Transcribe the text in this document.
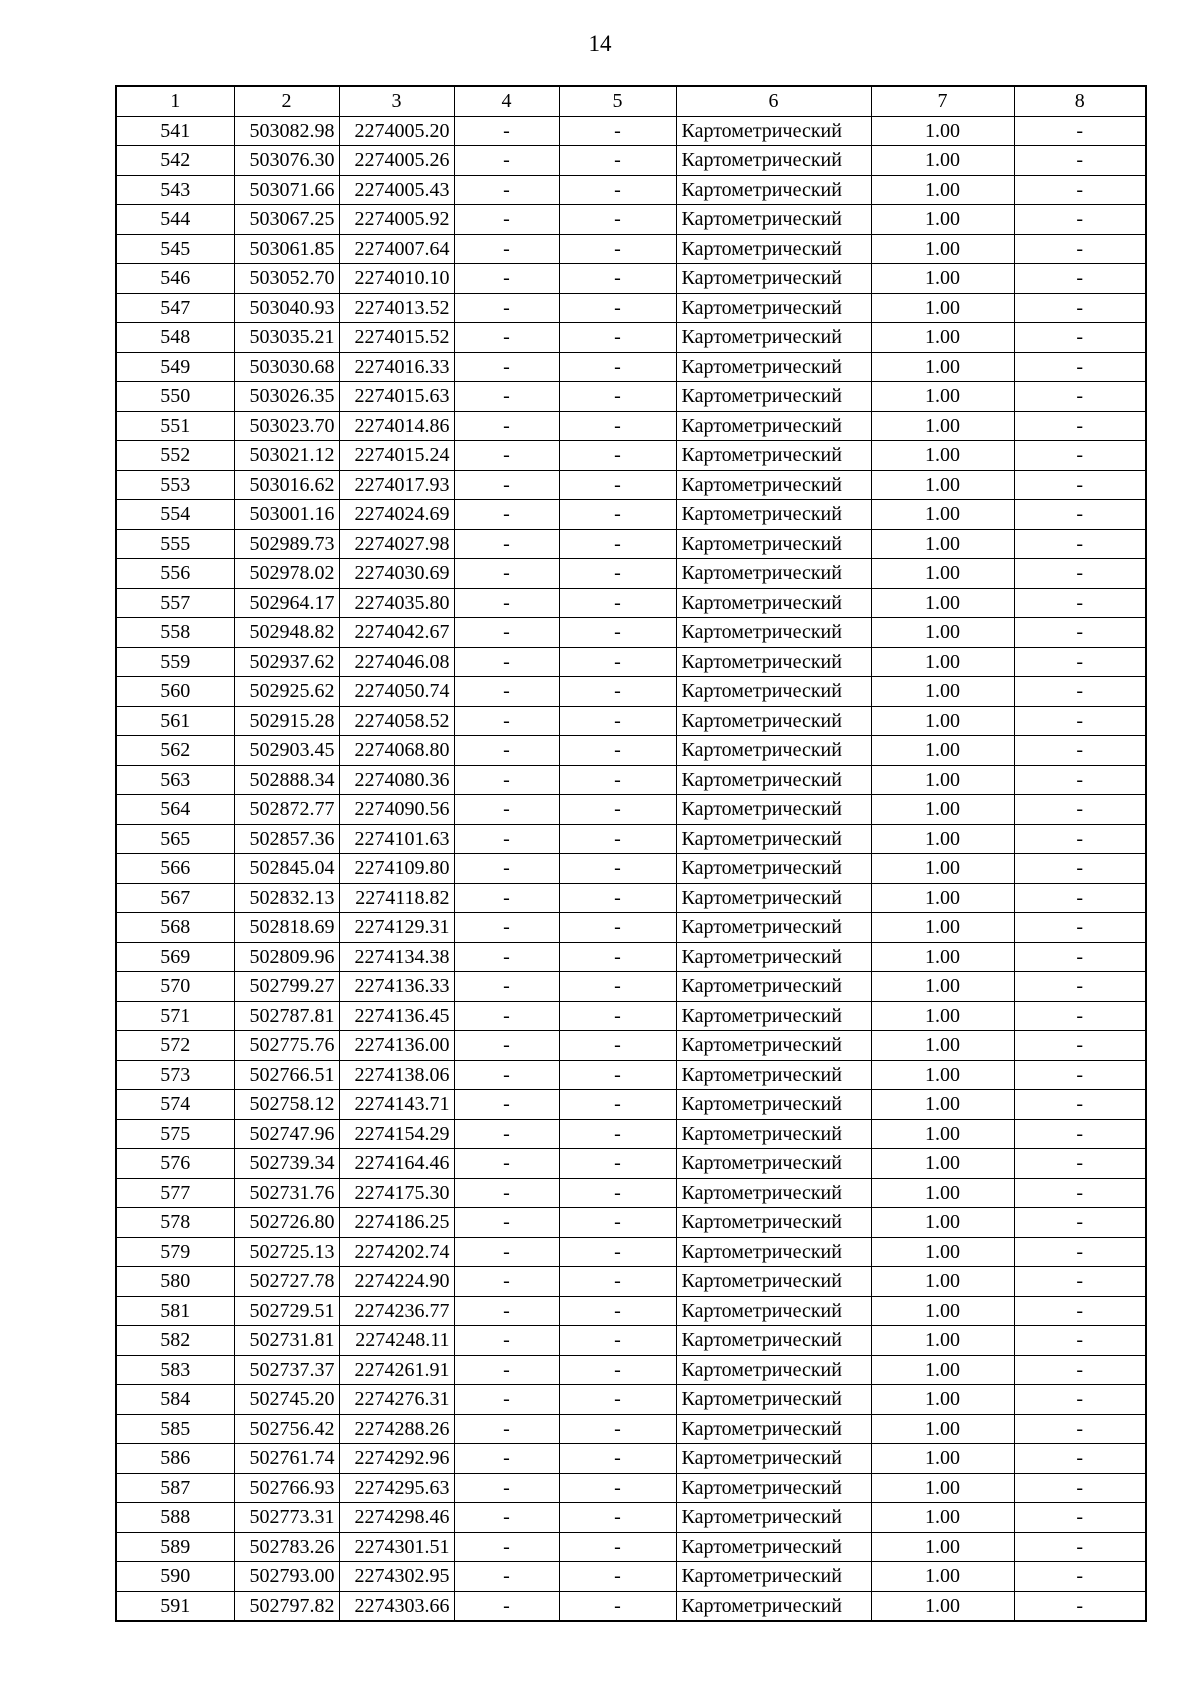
14
1	2	3	4	5	6	7	8
541	503082.98	2274005.20	-	-	Картометрический	1.00	-
542	503076.30	2274005.26	-	-	Картометрический	1.00	-
543	503071.66	2274005.43	-	-	Картометрический	1.00	-
544	503067.25	2274005.92	-	-	Картометрический	1.00	-
545	503061.85	2274007.64	-	-	Картометрический	1.00	-
546	503052.70	2274010.10	-	-	Картометрический	1.00	-
547	503040.93	2274013.52	-	-	Картометрический	1.00	-
548	503035.21	2274015.52	-	-	Картометрический	1.00	-
549	503030.68	2274016.33	-	-	Картометрический	1.00	-
550	503026.35	2274015.63	-	-	Картометрический	1.00	-
551	503023.70	2274014.86	-	-	Картометрический	1.00	-
552	503021.12	2274015.24	-	-	Картометрический	1.00	-
553	503016.62	2274017.93	-	-	Картометрический	1.00	-
554	503001.16	2274024.69	-	-	Картометрический	1.00	-
555	502989.73	2274027.98	-	-	Картометрический	1.00	-
556	502978.02	2274030.69	-	-	Картометрический	1.00	-
557	502964.17	2274035.80	-	-	Картометрический	1.00	-
558	502948.82	2274042.67	-	-	Картометрический	1.00	-
559	502937.62	2274046.08	-	-	Картометрический	1.00	-
560	502925.62	2274050.74	-	-	Картометрический	1.00	-
561	502915.28	2274058.52	-	-	Картометрический	1.00	-
562	502903.45	2274068.80	-	-	Картометрический	1.00	-
563	502888.34	2274080.36	-	-	Картометрический	1.00	-
564	502872.77	2274090.56	-	-	Картометрический	1.00	-
565	502857.36	2274101.63	-	-	Картометрический	1.00	-
566	502845.04	2274109.80	-	-	Картометрический	1.00	-
567	502832.13	2274118.82	-	-	Картометрический	1.00	-
568	502818.69	2274129.31	-	-	Картометрический	1.00	-
569	502809.96	2274134.38	-	-	Картометрический	1.00	-
570	502799.27	2274136.33	-	-	Картометрический	1.00	-
571	502787.81	2274136.45	-	-	Картометрический	1.00	-
572	502775.76	2274136.00	-	-	Картометрический	1.00	-
573	502766.51	2274138.06	-	-	Картометрический	1.00	-
574	502758.12	2274143.71	-	-	Картометрический	1.00	-
575	502747.96	2274154.29	-	-	Картометрический	1.00	-
576	502739.34	2274164.46	-	-	Картометрический	1.00	-
577	502731.76	2274175.30	-	-	Картометрический	1.00	-
578	502726.80	2274186.25	-	-	Картометрический	1.00	-
579	502725.13	2274202.74	-	-	Картометрический	1.00	-
580	502727.78	2274224.90	-	-	Картометрический	1.00	-
581	502729.51	2274236.77	-	-	Картометрический	1.00	-
582	502731.81	2274248.11	-	-	Картометрический	1.00	-
583	502737.37	2274261.91	-	-	Картометрический	1.00	-
584	502745.20	2274276.31	-	-	Картометрический	1.00	-
585	502756.42	2274288.26	-	-	Картометрический	1.00	-
586	502761.74	2274292.96	-	-	Картометрический	1.00	-
587	502766.93	2274295.63	-	-	Картометрический	1.00	-
588	502773.31	2274298.46	-	-	Картометрический	1.00	-
589	502783.26	2274301.51	-	-	Картометрический	1.00	-
590	502793.00	2274302.95	-	-	Картометрический	1.00	-
591	502797.82	2274303.66	-	-	Картометрический	1.00	-
